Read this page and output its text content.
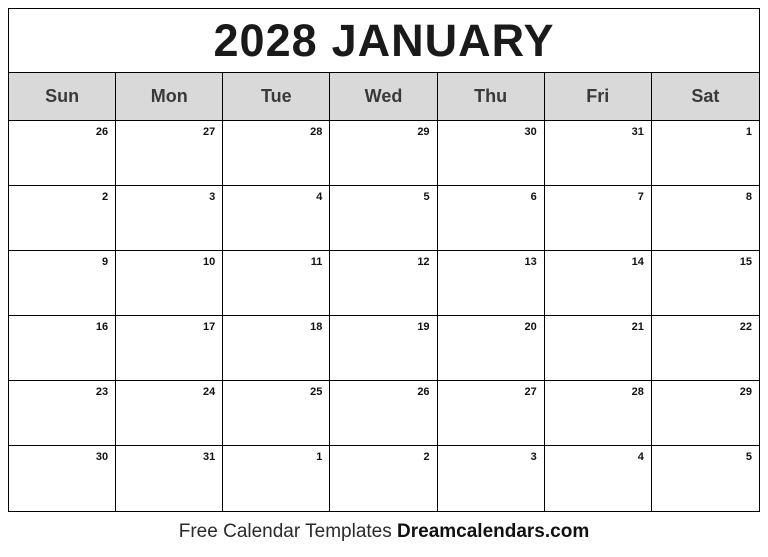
2028 JANUARY
Sun	Mon	Tue	Wed	Thu	Fri	Sat
26	27	28	29	30	31	1
2	3	4	5	6	7	8
9	10	11	12	13	14	15
16	17	18	19	20	21	22
23	24	25	26	27	28	29
30	31	1	2	3	4	5
Free Calendar Templates Dreamcalendars.com
